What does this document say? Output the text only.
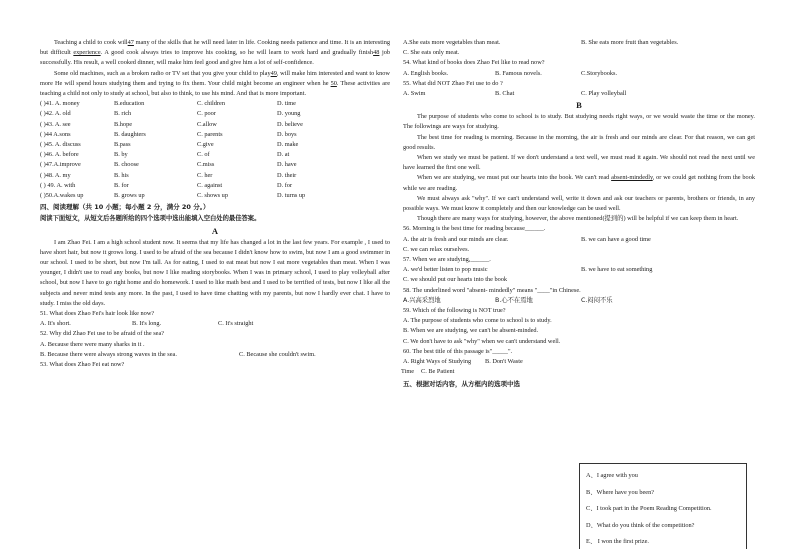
Teaching a child to cook will47 many of the skills that he will need later in life. Cooking needs patience and time. It is an interesting but difficult experience. A good cook always tries to improve his cooking, so he will learn to work hard and gradually finish48 job successfully. His result, a well cooked dinner, will make him feel good and give him a lot of self-confidence.

Some old machines, such as a broken radio or TV set that you give your child to play49, will make him interested and want to know more He will spend hours studying them and trying to fix them. Your child might become an engineer when he 50. These activities are teaching a child not only to study at school, but also to think, to use his mind. And that is more important.

( )41. A. money	B.education	C. children	D. time
( )42. A. old	B. rich	C. poor	D. young
( )43. A. see	B.hope	C.allow	D. believe
( )44 A.sons	B. daughters	C. parents	D. boys
( )45. A. discuss	B.pass	C.give	D. make
( )46. A. before	B. by	C. of	D. at
( )47.A.improve	B. choose	C.miss	D. have
( )48. A. my	B. his	C. her	D. their
( ) 49. A. with	B. for	C. against	D. for
( )50.A.wakes up	B. grows up	C. shows up	D. turns up
四、阅读理解（共 10 小题；每小题 2 分，满分 20 分。）
阅读下面短文，从短文后各题所给的四个选项中选出能填入空白处的最佳答案。
A

I am Zhao Fei. I am a high school student now. It seems that my life has changed a lot in the last few years. For example , I used to have short hair, but now it grows long. I used to be afraid of the sea because I didn't know how to swim, but now I am a good swimmer in our school. I used to be short, but now I'm tall. As for eating, I used to eat meat but now I eat more vegetables than meat. When I was younger, I didn't use to read any books, but now I like reading storybooks. When I was in primary school, I used to play volleyball after school, but now I have to go right home and do homework. I used to like math best and I used to be terrified of tests, but now I like all the subjects and never mind tests any more. In the past, I used to have time chatting with my parents, but now I hardly ever chat. I have to study. I miss the old days.

51. What does Zhao Fei's hair look like now?
A. It's short.	B. It's long.	C. It's straight
52. Why did Zhao Fei use to be afraid of the sea?
A. Because there were many sharks in it .
B. Because there were always strong waves in the sea.	C. Because she couldn't swim.
53. What does Zhao Fei eat now?
A.She eats more vegetables than meat.	B. She eats more fruit than vegetables.
C. She eats only meat.
54. What kind of books does Zhao Fei like to read now?
A. English books.	B. Famous novels.	C.Storybooks.
55. What did NOT Zhao Fei use to do ?
A. Swim	B. Chat	C. Play volleyball
B

The purpose of students who come to school is to study. But studying needs right ways, or we would waste the time or the money. The followings are ways for studying.

The best time for reading is morning. Because in the morning, the air is fresh and our minds are clear. For that reason, we can get good results.

When we study we must be patient. If we don't understand a text well, we must read it again. We should not read the next until we have learned the first one well.

When we are studying, we must put our hearts into the book. We can't read absent-mindedly, or we could get nothing from the book while we are reading.

We must always ask "why". If we can't understand well, write it down and ask our teachers or parents, brothers or friends, in any possible ways. We must know it completely and then our knowledge can be used well.

Though there are many ways for studying, however, the above mentioned(提到的) will be helpful if we can keep them in heart.

56. Morning is the best time for reading because______.
A. the air is fresh and our minds are clear.	B. we can have a good time
C. we can relax ourselves.
57. When we are studying,______.
A. we'd better listen to pop music	B. we have to eat something
C. we should put our hearts into the book
58. The underlined word "absent- mindedly" means "____"in Chinese.
A.兴高采烈地	B.心不在焉地	C.闷闷不乐
59. Which of the following is NOT true?
A. The purpose of students who come to school is to study.
B. When we are studying, we can't be absent-minded.
C. We don't have to ask "why" when we can't understand well.
60. The best title of this passage is"_____".
A. Right Ways of Studying	B. Don't Waste
Time	C. Be Patient
五、根据对话内容，从方框内的选项中选
A、I agree with you
B、Where have you been?
C、I took part in the Poem Reading Competition.
D、What do you think of the competition?
E、 I won the first prize.
